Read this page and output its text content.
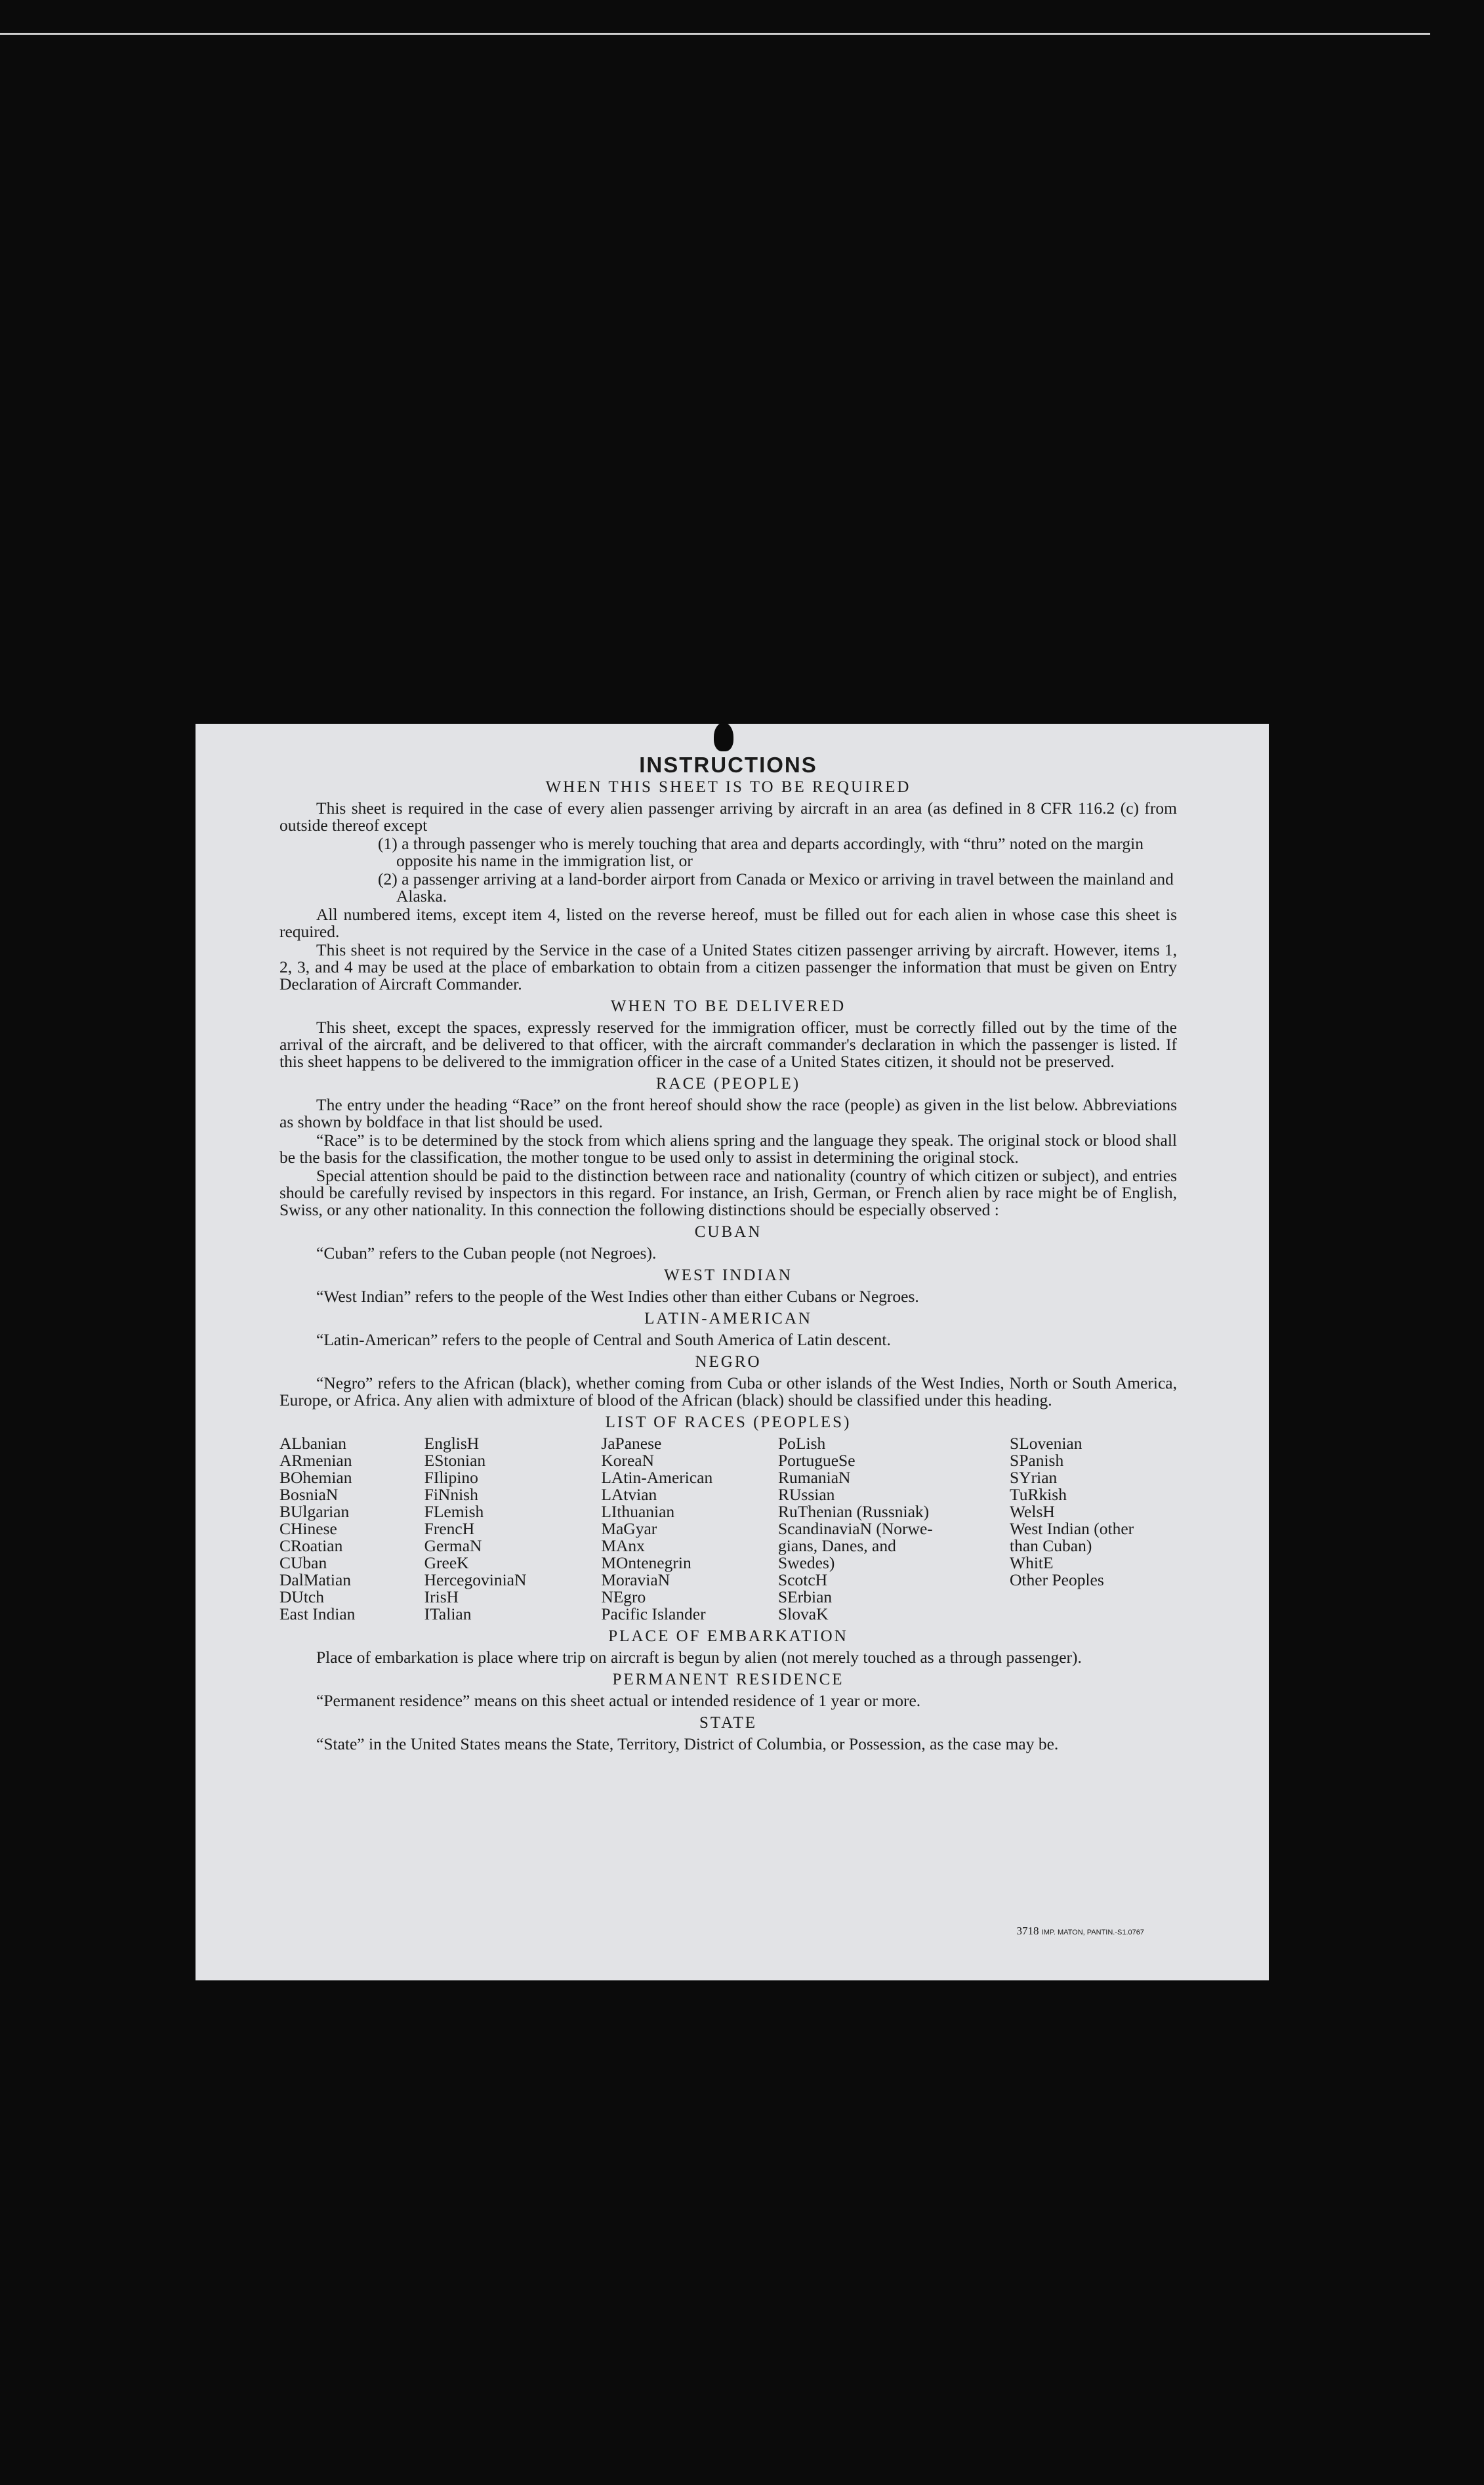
INSTRUCTIONS
WHEN THIS SHEET IS TO BE REQUIRED

This sheet is required in the case of every alien passenger arriving by aircraft in an area (as defined in 8 CFR 116.2 (c) from outside thereof except

(1) a through passenger who is merely touching that area and departs accordingly, with “thru” noted on the margin opposite his name in the immigration list, or
(2) a passenger arriving at a land-border airport from Canada or Mexico or arriving in travel between the mainland and Alaska.

All numbered items, except item 4, listed on the reverse hereof, must be filled out for each alien in whose case this sheet is required.

This sheet is not required by the Service in the case of a United States citizen passenger arriving by aircraft. However, items 1, 2, 3, and 4 may be used at the place of embarkation to obtain from a citizen passenger the information that must be given on Entry Declaration of Aircraft Commander.

WHEN TO BE DELIVERED

This sheet, except the spaces, expressly reserved for the immigration officer, must be correctly filled out by the time of the arrival of the aircraft, and be delivered to that officer, with the aircraft commander's declaration in which the passenger is listed. If this sheet happens to be delivered to the immigration officer in the case of a United States citizen, it should not be preserved.

RACE (PEOPLE)

The entry under the heading “Race” on the front hereof should show the race (people) as given in the list below. Abbreviations as shown by boldface in that list should be used.

“Race” is to be determined by the stock from which aliens spring and the language they speak. The original stock or blood shall be the basis for the classification, the mother tongue to be used only to assist in determining the original stock.

Special attention should be paid to the distinction between race and nationality (country of which citizen or subject), and entries should be carefully revised by inspectors in this regard. For instance, an Irish, German, or French alien by race might be of English, Swiss, or any other nationality. In this connection the following distinctions should be especially observed :

CUBAN

“Cuban” refers to the Cuban people (not Negroes).

WEST INDIAN

“West Indian” refers to the people of the West Indies other than either Cubans or Negroes.

LATIN-AMERICAN

“Latin-American” refers to the people of Central and South America of Latin descent.

NEGRO

“Negro” refers to the African (black), whether coming from Cuba or other islands of the West Indies, North or South America, Europe, or Africa. Any alien with admixture of blood of the African (black) should be classified under this heading.

LIST OF RACES (PEOPLES)
ALbanian
ARmenian
BOhemian
BosniaN
BUlgarian
CHinese
CRoatian
CUban
DalMatian
DUtch
East Indian
EnglisH
EStonian
FIlipino
FiNnish
FLemish
FrencH
GermaN
GreeK
HercegoviniaN
IrisH
ITalian
JaPanese
KoreaN
LAtin-American
LAtvian
LIthuanian
MaGyar
MAnx
MOntenegrin
MoraviaN
NEgro
Pacific Islander
PoLish
PortugueSe
RumaniaN
RUssian
RuThenian (Russniak)
ScandinaviaN (Norwe-
gians, Danes, and
Swedes)
ScotcH
SErbian
SlovaK
SLovenian
SPanish
SYrian
TuRkish
WelsH
West Indian (other
than Cuban)
WhitE
Other Peoples
PLACE OF EMBARKATION

Place of embarkation is place where trip on aircraft is begun by alien (not merely touched as a through passenger).

PERMANENT RESIDENCE

“Permanent residence” means on this sheet actual or intended residence of 1 year or more.

STATE

“State” in the United States means the State, Territory, District of Columbia, or Possession, as the case may be.

3718 IMP. MATON, PANTIN.-S1.0767
